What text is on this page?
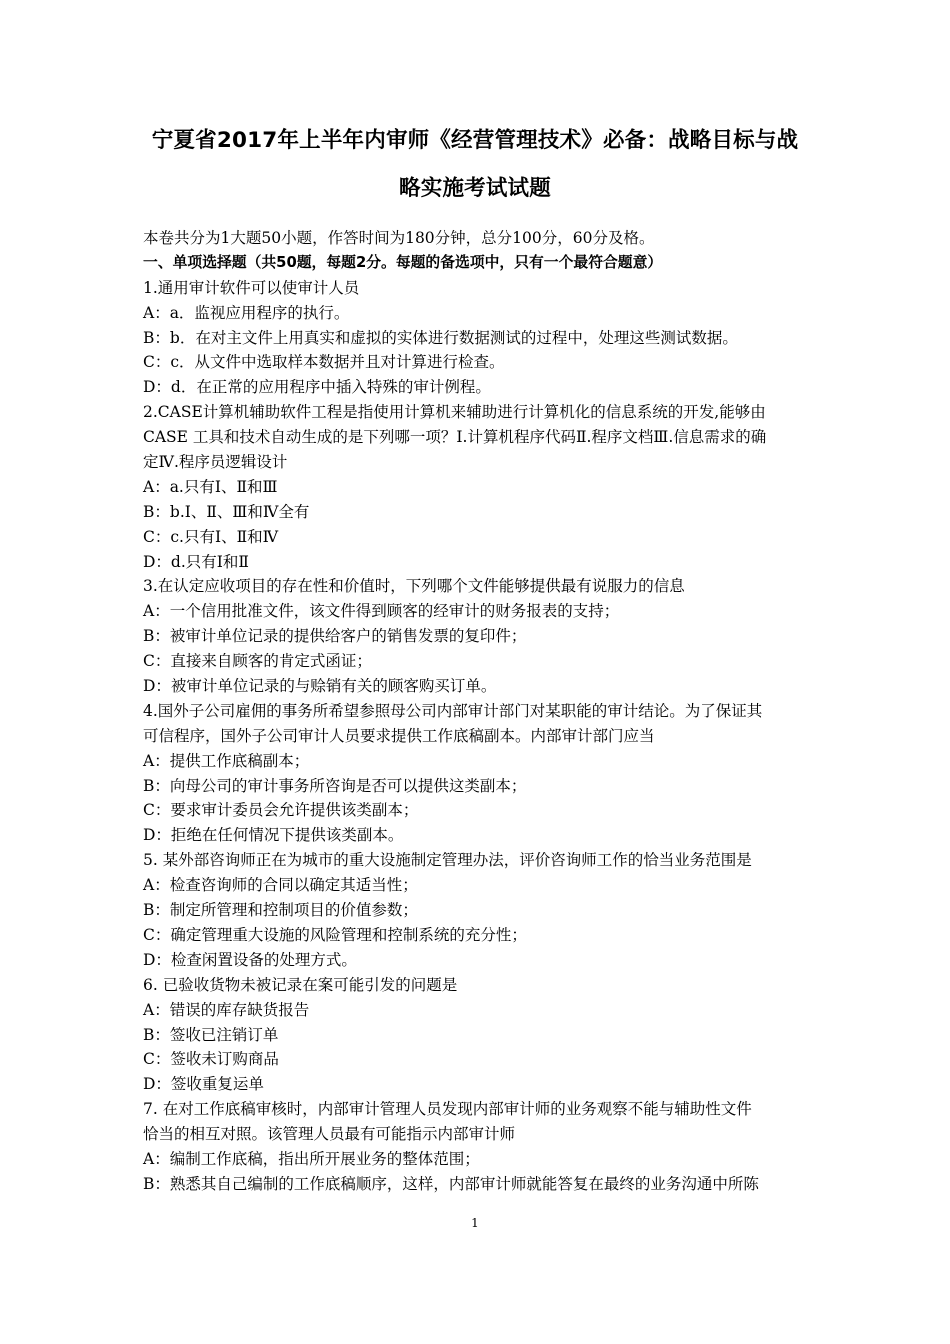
宁夏省2017年上半年内审师《经营管理技术》必备：战略目标与战
略实施考试试题
本卷共分为1大题50小题，作答时间为180分钟，总分100分，60分及格。
一、单项选择题（共50题，每题2分。每题的备选项中，只有一个最符合题意）
1.通用审计软件可以使审计人员
A：a．监视应用程序的执行。
B：b．在对主文件上用真实和虚拟的实体进行数据测试的过程中，处理这些测试数据。
C：c．从文件中选取样本数据并且对计算进行检查。
D：d．在正常的应用程序中插入特殊的审计例程。
2.CASE计算机辅助软件工程是指使用计算机来辅助进行计算机化的信息系统的开发,能够由
CASE 工具和技术自动生成的是下列哪一项？Ⅰ.计算机程序代码Ⅱ.程序文档Ⅲ.信息需求的确
定Ⅳ.程序员逻辑设计
A：a.只有Ⅰ、Ⅱ和Ⅲ
B：b.Ⅰ、Ⅱ、Ⅲ和Ⅳ全有
C：c.只有Ⅰ、Ⅱ和Ⅳ
D：d.只有Ⅰ和Ⅱ
3.在认定应收项目的存在性和价值时，下列哪个文件能够提供最有说服力的信息
A：一个信用批准文件，该文件得到顾客的经审计的财务报表的支持；
B：被审计单位记录的提供给客户的销售发票的复印件；
C：直接来自顾客的肯定式函证；
D：被审计单位记录的与赊销有关的顾客购买订单。
4.国外子公司雇佣的事务所希望参照母公司内部审计部门对某职能的审计结论。为了保证其
可信程序，国外子公司审计人员要求提供工作底稿副本。内部审计部门应当
A：提供工作底稿副本；
B：向母公司的审计事务所咨询是否可以提供这类副本；
C：要求审计委员会允许提供该类副本；
D：拒绝在任何情况下提供该类副本。
5. 某外部咨询师正在为城市的重大设施制定管理办法，评价咨询师工作的恰当业务范围是
A：检查咨询师的合同以确定其适当性；
B：制定所管理和控制项目的价值参数；
C：确定管理重大设施的风险管理和控制系统的充分性；
D：检查闲置设备的处理方式。
6. 已验收货物未被记录在案可能引发的问题是
A：错误的库存缺货报告
B：签收已注销订单
C：签收未订购商品
D：签收重复运单
7. 在对工作底稿审核时，内部审计管理人员发现内部审计师的业务观察不能与辅助性文件
恰当的相互对照。该管理人员最有可能指示内部审计师
A：编制工作底稿，指出所开展业务的整体范围；
B：熟悉其自己编制的工作底稿顺序，这样，内部审计师就能答复在最终的业务沟通中所陈
1
